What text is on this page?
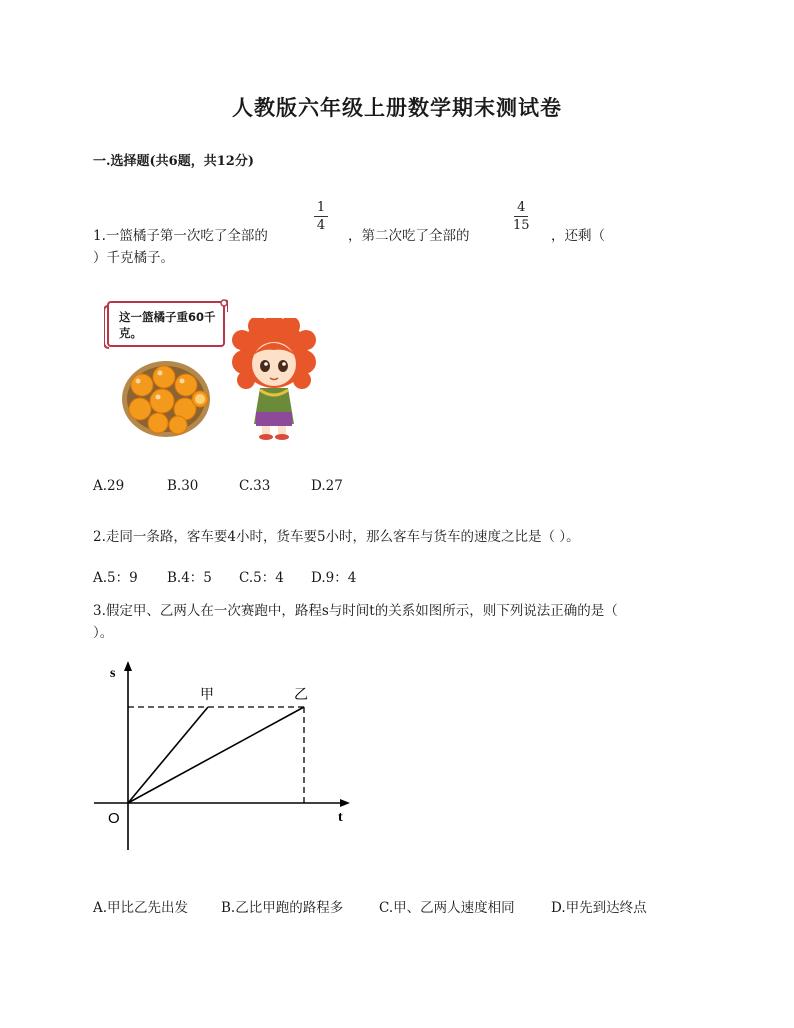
人教版六年级上册数学期末测试卷
一.选择题(共6题，共12分)
1.一篮橘子第一次吃了全部的
1
4
，第二次吃了全部的
4
15
，还剩（
）千克橘子。
这一篮橘子重60千克。
A.29	B.30	C.33	D.27
2.走同一条路，客车要4小时，货车要5小时，那么客车与货车的速度之比是（ ）。
A.5：9 B.4：5 C.5：4 D.9：4
3.假定甲、乙两人在一次赛跑中，路程s与时间t的关系如图所示，则下列说法正确的是（
）。
s
t
O
甲	乙
A.甲比乙先出发 B.乙比甲跑的路程多	C.甲、乙两人速度相同	D.甲先到达终点
